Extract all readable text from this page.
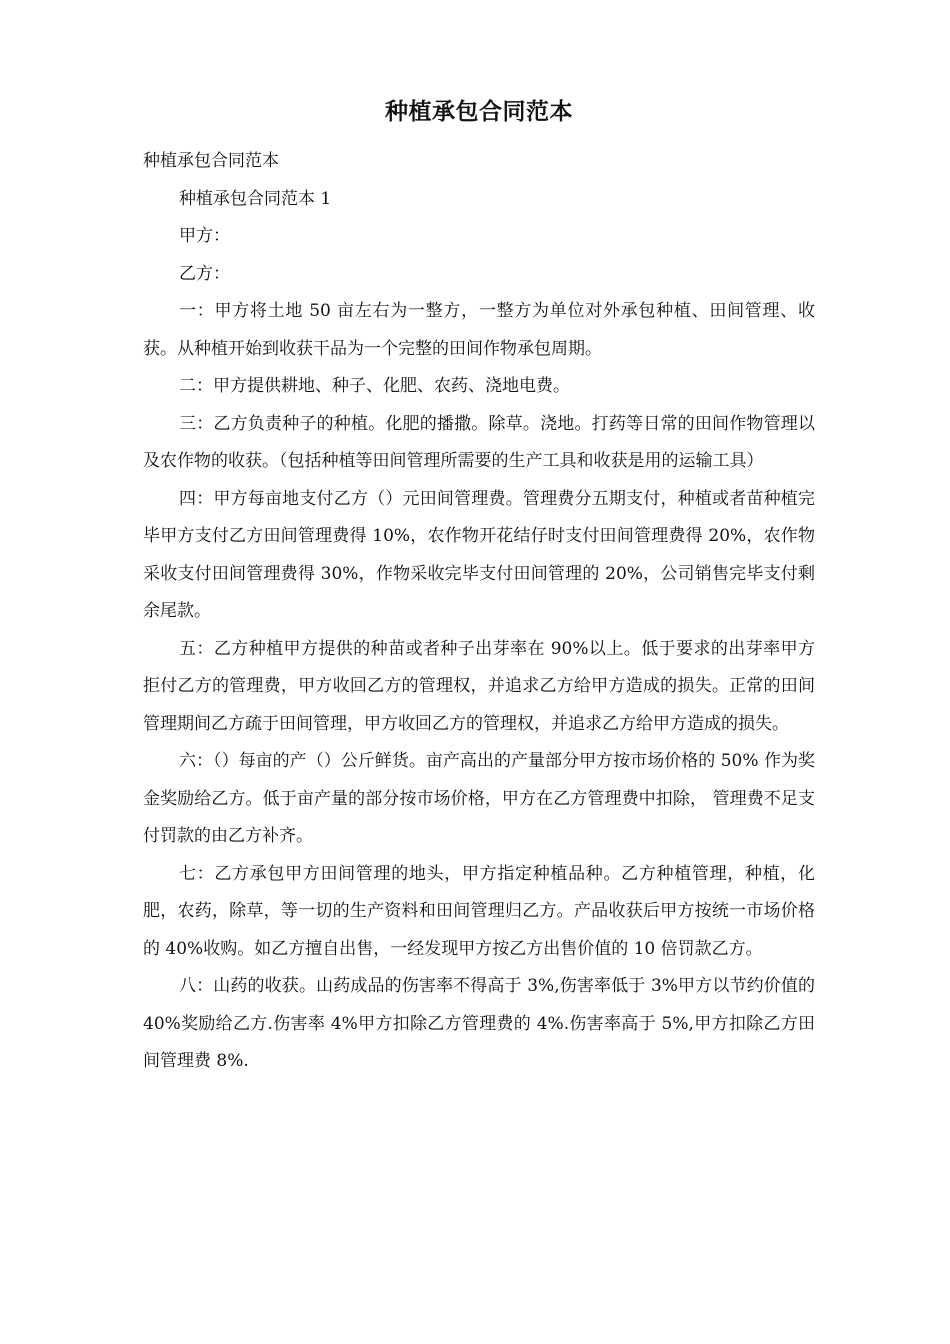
种植承包合同范本

种植承包合同范本

种植承包合同范本 1

甲方：

乙方：

一：甲方将土地 50 亩左右为一整方，一整方为单位对外承包种植、田间管理、收获。从种植开始到收获干品为一个完整的田间作物承包周期。

二：甲方提供耕地、种子、化肥、农药、浇地电费。

三：乙方负责种子的种植。化肥的播撒。除草。浇地。打药等日常的田间作物管理以及农作物的收获。（包括种植等田间管理所需要的生产工具和收获是用的运输工具）

四：甲方每亩地支付乙方（）元田间管理费。管理费分五期支付，种植或者苗种植完毕甲方支付乙方田间管理费得 10%，农作物开花结仔时支付田间管理费得 20%，农作物采收支付田间管理费得 30%，作物采收完毕支付田间管理的 20%，公司销售完毕支付剩余尾款。

五：乙方种植甲方提供的种苗或者种子出芽率在 90%以上。低于要求的出芽率甲方拒付乙方的管理费，甲方收回乙方的管理权，并追求乙方给甲方造成的损失。正常的田间管理期间乙方疏于田间管理，甲方收回乙方的管理权，并追求乙方给甲方造成的损失。

六：（）每亩的产（）公斤鲜货。亩产高出的产量部分甲方按市场价格的 50% 作为奖金奖励给乙方。低于亩产量的部分按市场价格，甲方在乙方管理费中扣除， 管理费不足支付罚款的由乙方补齐。

七：乙方承包甲方田间管理的地头，甲方指定种植品种。乙方种植管理，种植，化肥，农药，除草，等一切的生产资料和田间管理归乙方。产品收获后甲方按统一市场价格的 40%收购。如乙方擅自出售，一经发现甲方按乙方出售价值的 10 倍罚款乙方。

八：山药的收获。山药成品的伤害率不得高于 3%,伤害率低于 3%甲方以节约价值的 40%奖励给乙方.伤害率 4%甲方扣除乙方管理费的 4%.伤害率高于 5%,甲方扣除乙方田间管理费 8%.
